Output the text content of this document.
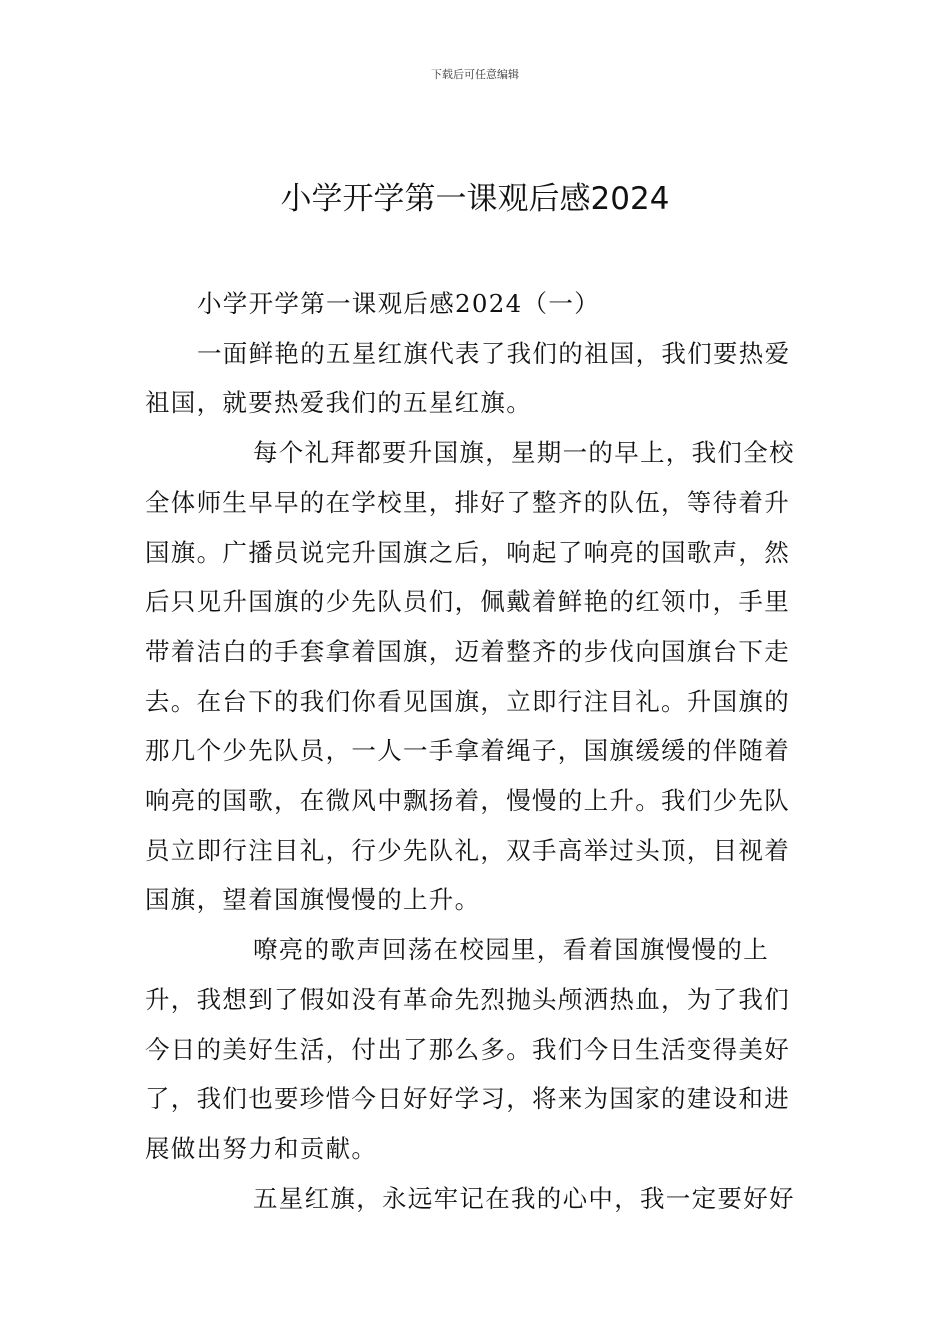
下载后可任意编辑
小学开学第一课观后感2024

小学开学第一课观后感2024（一）

一面鲜艳的五星红旗代表了我们的祖国，我们要热爱祖国，就要热爱我们的五星红旗。

每个礼拜都要升国旗，星期一的早上，我们全校全体师生早早的在学校里，排好了整齐的队伍，等待着升国旗。广播员说完升国旗之后，响起了响亮的国歌声，然后只见升国旗的少先队员们，佩戴着鲜艳的红领巾，手里带着洁白的手套拿着国旗，迈着整齐的步伐向国旗台下走去。在台下的我们你看见国旗，立即行注目礼。升国旗的那几个少先队员，一人一手拿着绳子，国旗缓缓的伴随着响亮的国歌，在微风中飘扬着，慢慢的上升。我们少先队员立即行注目礼，行少先队礼，双手高举过头顶，目视着国旗，望着国旗慢慢的上升。

嘹亮的歌声回荡在校园里，看着国旗慢慢的上升，我想到了假如没有革命先烈抛头颅洒热血，为了我们今日的美好生活，付出了那么多。我们今日生活变得美好了，我们也要珍惜今日好好学习，将来为国家的建设和进展做出努力和贡献。

五星红旗，永远牢记在我的心中，我一定要好好
